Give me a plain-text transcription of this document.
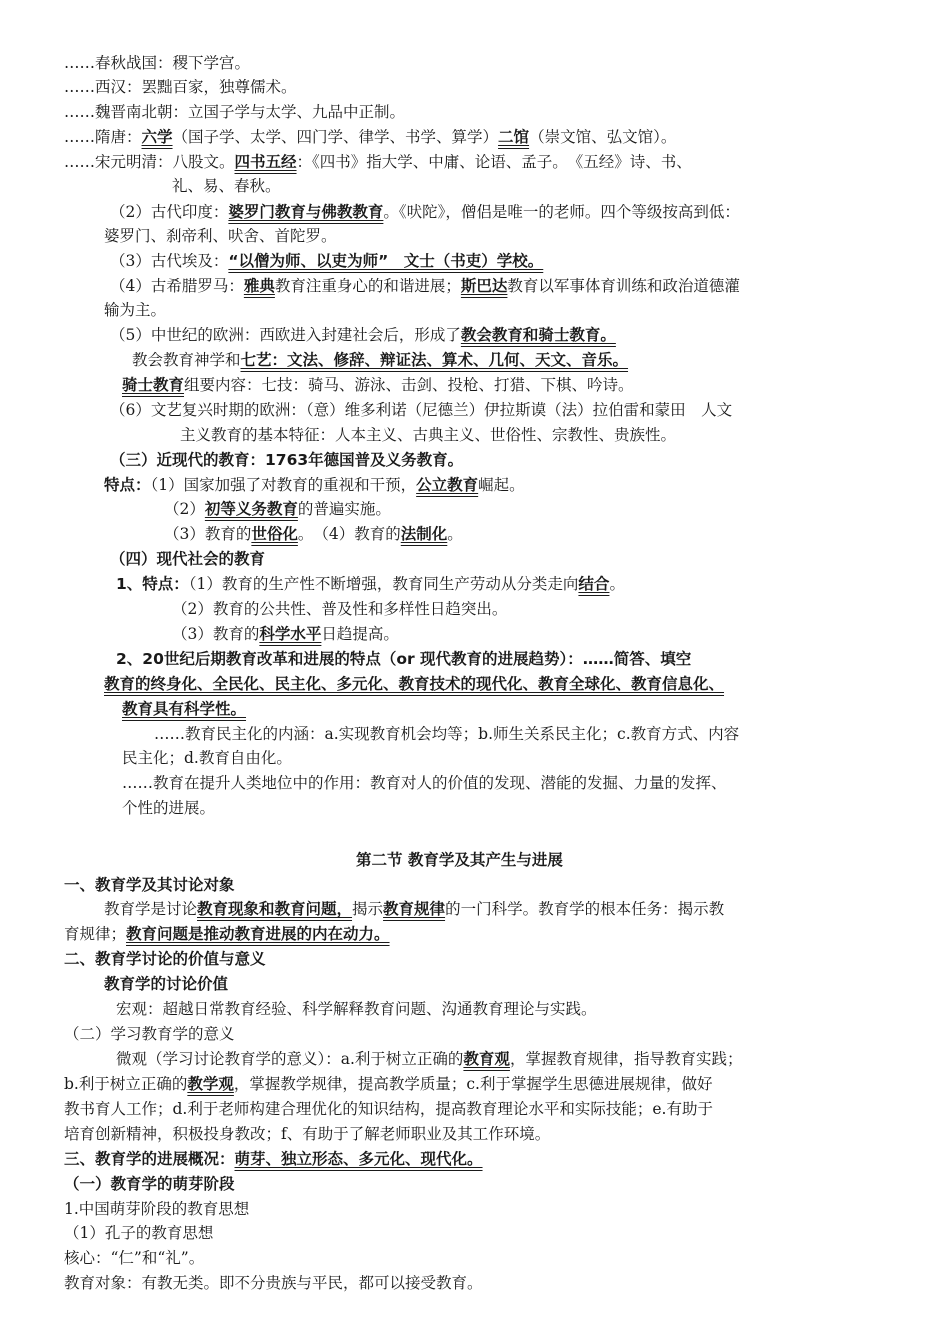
……春秋战国：稷下学宫。
……西汉：罢黜百家，独尊儒术。
……魏晋南北朝：立国子学与太学、九品中正制。
……隋唐：六学（国子学、太学、四门学、律学、书学、算学）二馆（崇文馆、弘文馆）。
……宋元明清：八股文。四书五经：《四书》指大学、中庸、论语、孟子。　《五经》诗、书、
礼、易、春秋。
（2）古代印度：婆罗门教育与佛教教育。《吠陀》，僧侣是唯一的老师。四个等级按高到低：
婆罗门、刹帝利、吠舍、首陀罗。
（3）古代埃及：“以僧为师、以吏为师”　文士（书吏）学校。
（4）古希腊罗马：雅典教育注重身心的和谐进展；斯巴达教育以军事体育训练和政治道德灌
输为主。
（5）中世纪的欧洲：西欧进入封建社会后，形成了教会教育和骑士教育。
教会教育神学和七艺：文法、修辞、辩证法、算术、几何、天文、音乐。
骑士教育组要内容：七技：骑马、游泳、击剑、投枪、打猎、下棋、吟诗。
（6）文艺复兴时期的欧洲：（意）维多利诺（尼德兰）伊拉斯谟（法）拉伯雷和蒙田　人文
主义教育的基本特征：人本主义、古典主义、世俗性、宗教性、贵族性。
（三）近现代的教育：1763年德国普及义务教育。
特点：（1）国家加强了对教育的重视和干预，公立教育崛起。
（2）初等义务教育的普遍实施。
（3）教育的世俗化。　（4）教育的法制化。
（四）现代社会的教育
1、特点：（1）教育的生产性不断增强，教育同生产劳动从分类走向结合。
（2）教育的公共性、普及性和多样性日趋突出。
（3）教育的科学水平日趋提高。
2、20世纪后期教育改革和进展的特点（or 现代教育的进展趋势）：……简答、填空
教育的终身化、全民化、民主化、多元化、教育技术的现代化、教育全球化、教育信息化、
教育具有科学性。
……教育民主化的内涵：a.实现教育机会均等；b.师生关系民主化；c.教育方式、内容
民主化；d.教育自由化。
……教育在提升人类地位中的作用：教育对人的价值的发现、潜能的发掘、力量的发挥、
个性的进展。
第二节 教育学及其产生与进展
一、教育学及其讨论对象
教育学是讨论教育现象和教育问题，揭示教育规律的一门科学。教育学的根本任务：揭示教
育规律；教育问题是推动教育进展的内在动力。
二、教育学讨论的价值与意义
教育学的讨论价值
宏观：超越日常教育经验、科学解释教育问题、沟通教育理论与实践。
（二）学习教育学的意义
微观（学习讨论教育学的意义）：a.利于树立正确的教育观，掌握教育规律，指导教育实践；
b.利于树立正确的教学观，掌握教学规律，提高教学质量；c.利于掌握学生思德进展规律，做好
教书育人工作；d.利于老师构建合理优化的知识结构，提高教育理论水平和实际技能；e.有助于
培育创新精神，积极投身教改；f、有助于了解老师职业及其工作环境。
三、教育学的进展概况：萌芽、独立形态、多元化、现代化。
（一）教育学的萌芽阶段
1.中国萌芽阶段的教育思想
（1）孔子的教育思想
核心：“仁”和“礼”。
教育对象：有教无类。即不分贵族与平民，都可以接受教育。
